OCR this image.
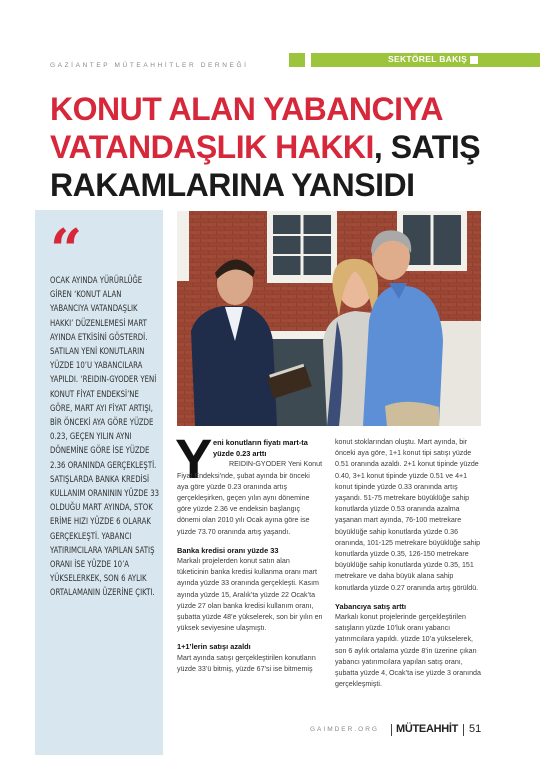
GAZİANTEP MÜTEAHHİTLER DERNEĞİ
SEKTÖREL BAKIŞ
KONUT ALAN YABANCIYA
VATANDAŞLIK HAKKI, SATIŞ
RAKAMLARINA YANSIDI
“
OCAK AYINDA YÜRÜRLÜĞE GİREN ‘KONUT ALAN YABANCIYA VATANDAŞLIK HAKKI’ DÜZENLEMESİ MART AYINDA ETKİSİNİ GÖSTERDİ. SATILAN YENİ KONUTLARIN YÜZDE 10’U YABANCILARA YAPILDI. ‘REIDIN-GYODER YENİ KONUT FİYAT ENDEKSİ’NE GÖRE, MART AYI FİYAT ARTIŞI, BİR ÖNCEKİ AYA GÖRE YÜZDE 0.23, GEÇEN YILIN AYNI DÖNEMİNE GÖRE İSE YÜZDE 2.36 ORANINDA GERÇEKLEŞTİ. SATIŞLARDA BANKA KREDİSİ KULLANIM ORANININ YÜZDE 33 OLDUĞU MART AYINDA, STOK ERİME HIZI YÜZDE 6 OLARAK GERÇEKLEŞTİ. YABANCI YATIRIMCILARA YAPILAN SATIŞ ORANI İSE YÜZDE 10’A YÜKSELERKEK, SON 6 AYLIK ORTALAMANIN ÜZERİNE ÇIKTI.
Y eni konutların fiyatı mart-ta yüzde 0.23 arttı
REIDIN-GYODER Yeni Konut Fiyat Endeksi’nde, şubat ayında bir önceki aya göre yüzde 0.23 oranında artış gerçekleşirken, geçen yılın aynı dönemine göre yüzde 2.36 ve endeksin başlangıç dönemi olan 2010 yılı Ocak ayına göre ise yüzde 73.70 oranında artış yaşandı.
Banka kredisi oranı yüzde 33
Markalı projelerden konut satın alan tüketicinin banka kredisi kullanma oranı mart ayında yüzde 33 oranında gerçekleşti. Kasım ayında yüzde 15, Aralık’ta yüzde 22 Ocak’ta yüzde 27 olan banka kredisi kullanım oranı, şubatta yüzde 48’e yükselerek, son bir yılın en yüksek seviyesine ulaşmıştı.
1+1’lerin satışı azaldı
Mart ayında satışı gerçekleştirilen konutların yüzde 33’ü bitmiş, yüzde 67’si ise bitmemiş
konut stoklarından oluştu. Mart ayında, bir önceki aya göre, 1+1 konut tipi satışı yüzde 0.51 oranında azaldı. 2+1 konut tipinde yüzde 0.40, 3+1 konut tipinde yüzde 0.51 ve 4+1 konut tipinde yüzde 0.33 oranında artış yaşandı. 51-75 metrekare büyüklüğe sahip konutlarda yüzde 0.53 oranında azalma yaşanan mart ayında, 76-100 metrekare büyüklüğe sahip konutlarda yüzde 0.36 oranında, 101-125 metrekare büyüklüğe sahip konutlarda yüzde 0.35, 126-150 metrekare büyüklüğe sahip konutlarda yüzde 0.35, 151 metrekare ve daha büyük alana sahip konutlarda yüzde 0.27 oranında artış görüldü.
Yabancıya satış arttı
Markalı konut projelerinde gerçekleştirilen satışların yüzde 10’luk oranı yabancı yatırımcılara yapıldı. yüzde 10’a yükselerek, son 6 aylık ortalama yüzde 8’in üzerine çıkan yabancı yatırımcılara yapılan satış oranı, şubatta yüzde 4, Ocak’ta ise yüzde 3 oranında gerçekleşmişti.
GAIMDER.ORG MÜTEAHHİT 51
